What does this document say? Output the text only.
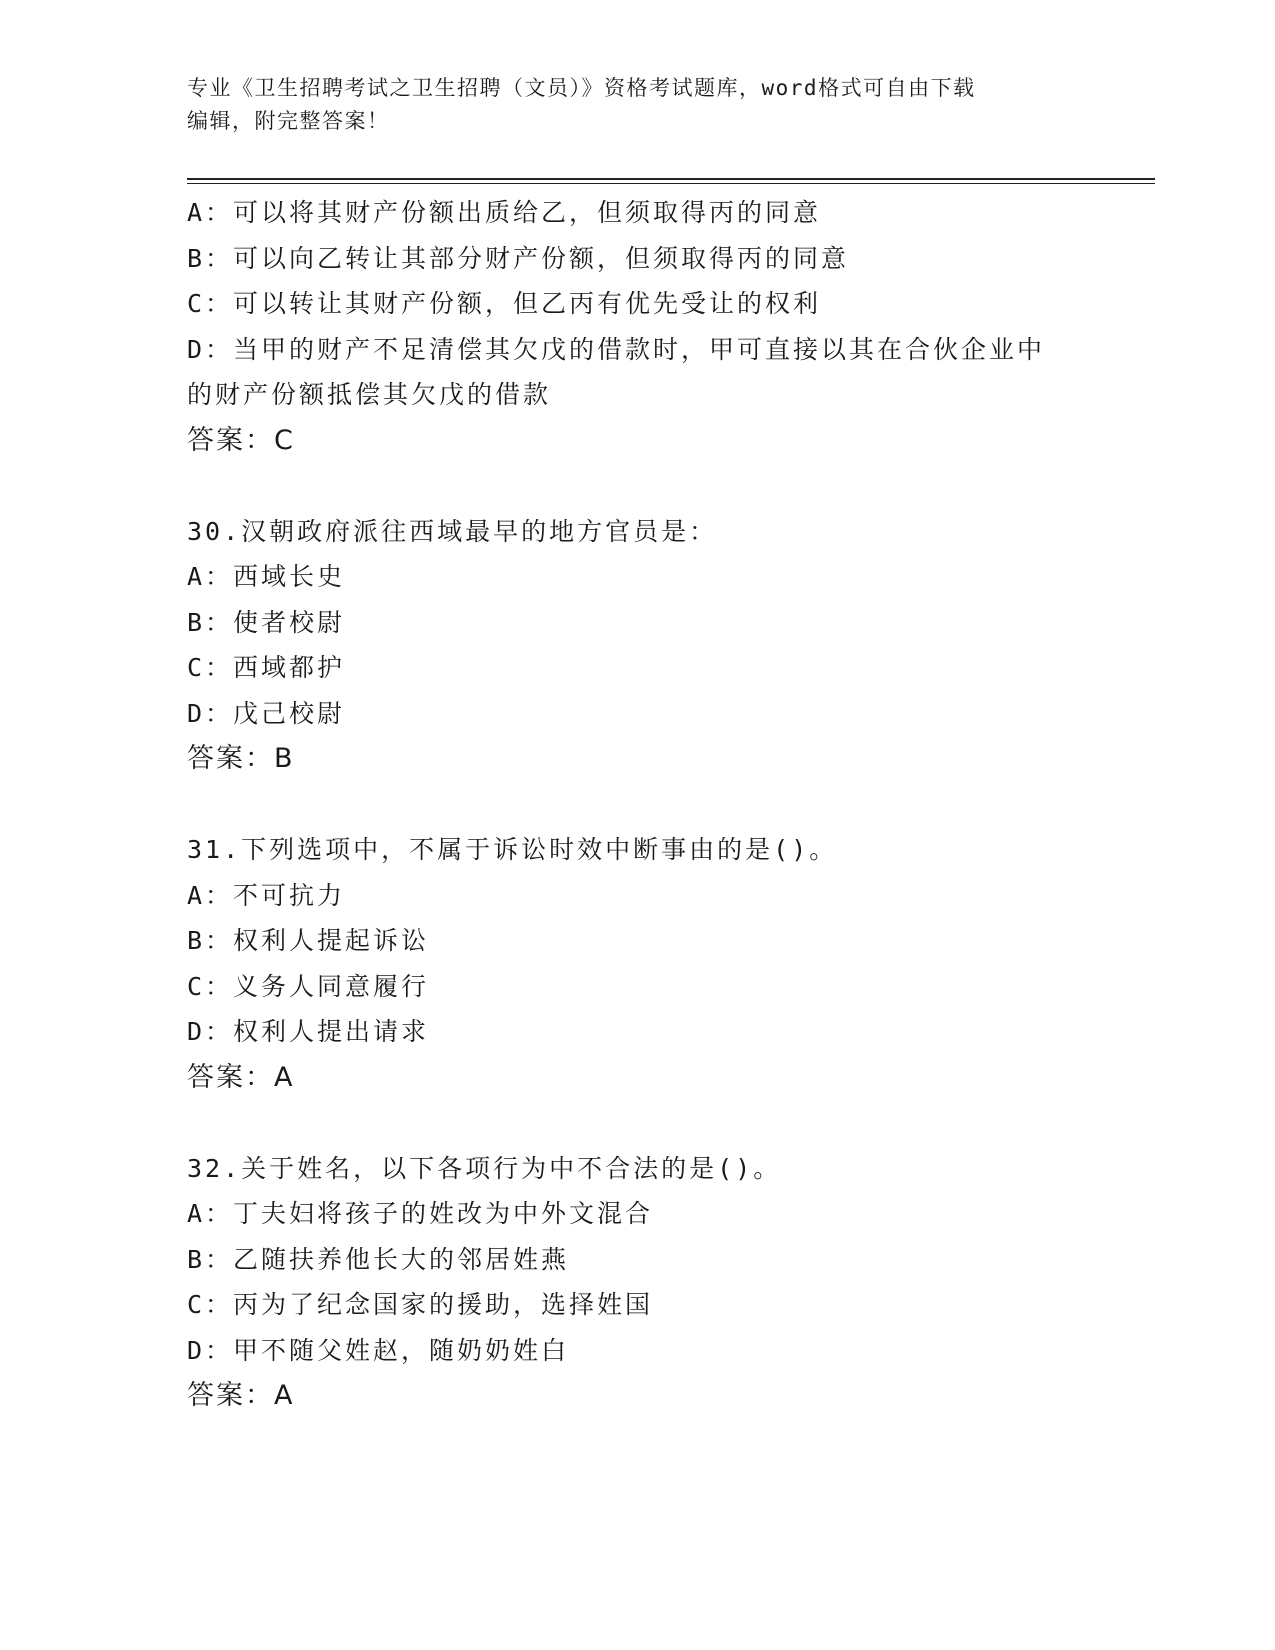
专业《卫生招聘考试之卫生招聘（文员）》资格考试题库，word格式可自由下载
编辑，附完整答案！
A：可以将其财产份额出质给乙，但须取得丙的同意
B：可以向乙转让其部分财产份额，但须取得丙的同意
C：可以转让其财产份额，但乙丙有优先受让的权利
D：当甲的财产不足清偿其欠戊的借款时，甲可直接以其在合伙企业中
的财产份额抵偿其欠戊的借款
答案：C
30.汉朝政府派往西域最早的地方官员是：
A：西域长史
B：使者校尉
C：西域都护
D：戊己校尉
答案：B
31.下列选项中，不属于诉讼时效中断事由的是()。
A：不可抗力
B：权利人提起诉讼
C：义务人同意履行
D：权利人提出请求
答案：A
32.关于姓名，以下各项行为中不合法的是()。
A：丁夫妇将孩子的姓改为中外文混合
B：乙随扶养他长大的邻居姓燕
C：丙为了纪念国家的援助，选择姓国
D：甲不随父姓赵，随奶奶姓白
答案：A
